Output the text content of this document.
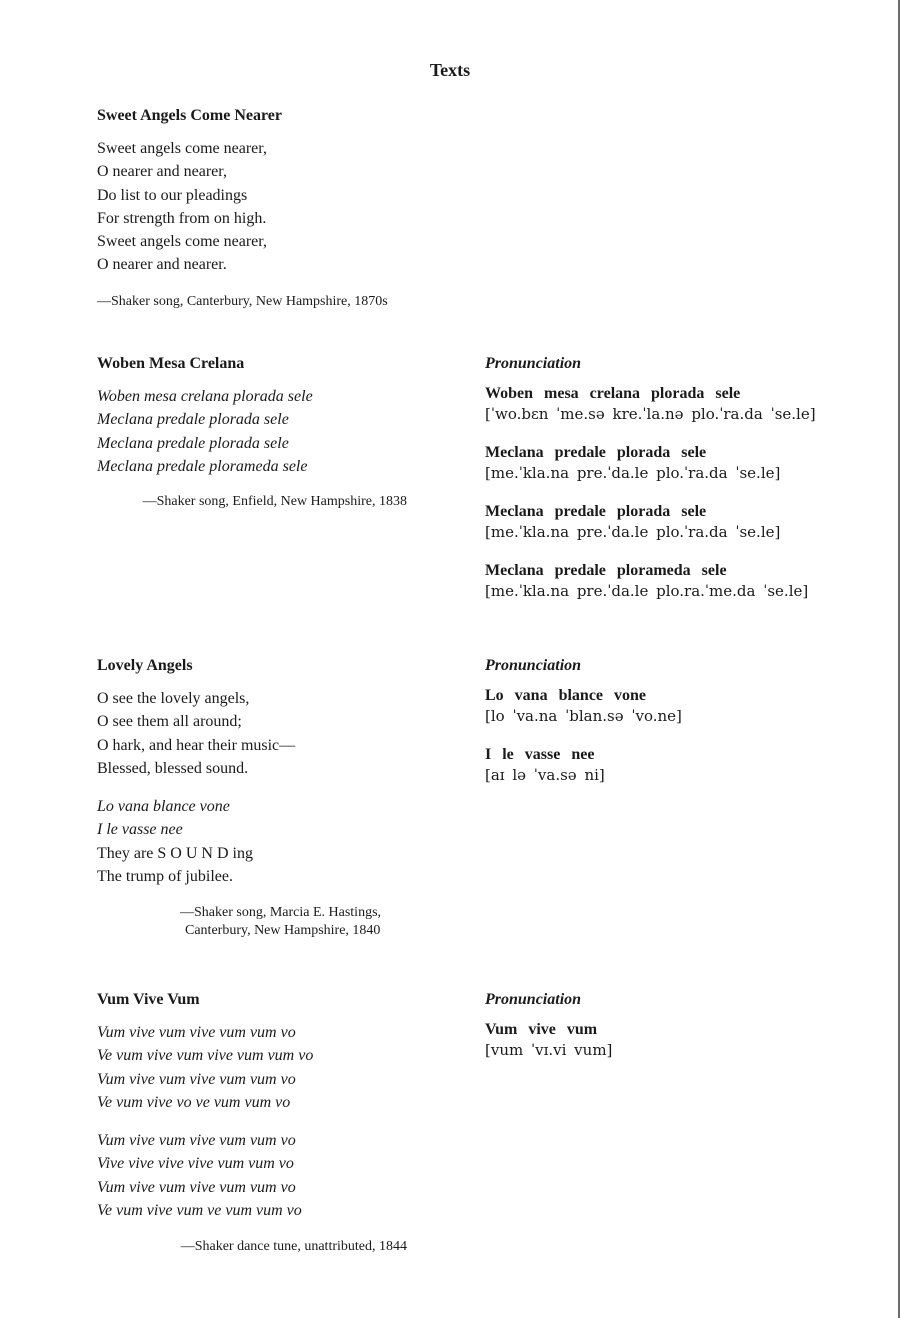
Texts
Sweet Angels Come Nearer
Sweet angels come nearer,
O nearer and nearer,
Do list to our pleadings
For strength from on high.
Sweet angels come nearer,
O nearer and nearer.
—Shaker song, Canterbury, New Hampshire, 1870s
Woben Mesa Crelana
Woben mesa crelana plorada sele
Meclana predale plorada sele
Meclana predale plorada sele
Meclana predale plorameda sele
—Shaker song, Enfield, New Hampshire, 1838
Pronunciation
Woben mesa crelana plorada sele
[ˈwo.bɛn ˈme.sə kre.ˈla.nə plo.ˈra.da ˈse.le]
Meclana predale plorada sele
[me.ˈkla.na pre.ˈda.le plo.ˈra.da ˈse.le]
Meclana predale plorada sele
[me.ˈkla.na pre.ˈda.le plo.ˈra.da ˈse.le]
Meclana predale plorameda sele
[me.ˈkla.na pre.ˈda.le plo.ra.ˈme.da ˈse.le]
Lovely Angels
O see the lovely angels,
O see them all around;
O hark, and hear their music—
Blessed, blessed sound.
Lo vana blance vone
I le vasse nee
They are S O U N D ing
The trump of jubilee.
—Shaker song, Marcia E. Hastings,
Canterbury, New Hampshire, 1840
Pronunciation
Lo vana blance vone
[lo ˈva.na ˈblan.sə ˈvo.ne]
I le vasse nee
[aɪ lə ˈva.sə ni]
Vum Vive Vum
Vum vive vum vive vum vum vo
Ve vum vive vum vive vum vum vo
Vum vive vum vive vum vum vo
Ve vum vive vo ve vum vum vo
Vum vive vum vive vum vum vo
Vive vive vive vive vum vum vo
Vum vive vum vive vum vum vo
Ve vum vive vum ve vum vum vo
—Shaker dance tune, unattributed, 1844
Pronunciation
Vum vive vum
[vum ˈvɪ.vi vum]
